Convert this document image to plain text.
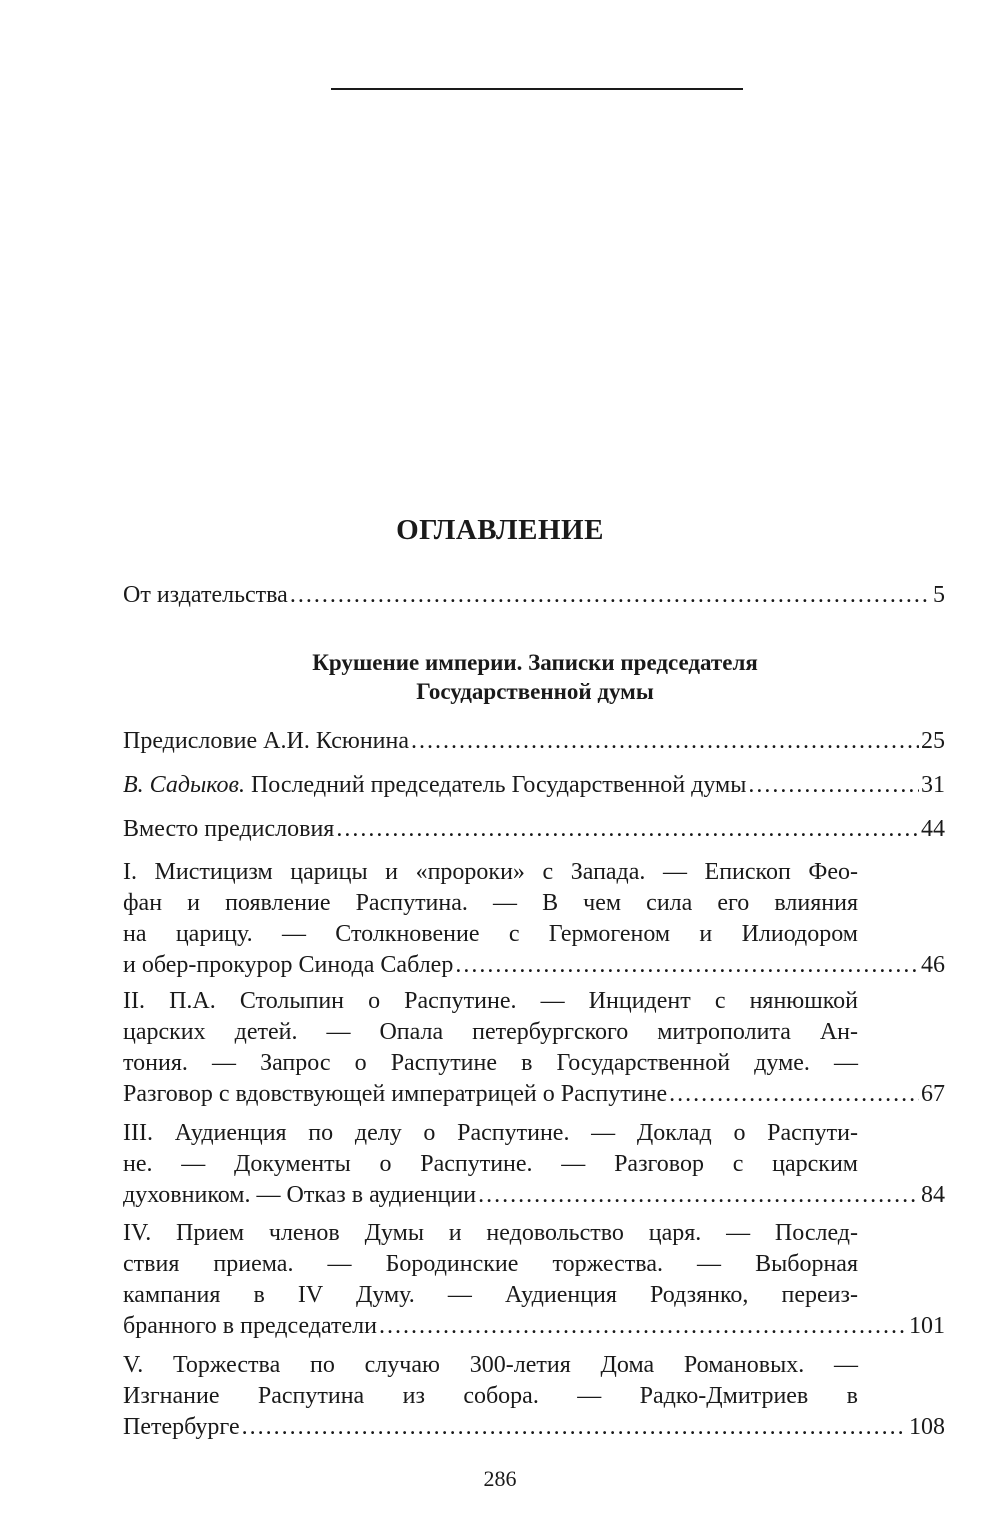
ОГЛАВЛЕНИЕ
От издательства . . .	5
Крушение империи. Записки председателя
Государственной думы
Предисловие А.И. Ксюнина . . .	25
В. Садыков. Последний председатель Государственной думы . . .	31
Вместо предисловия . . .	44
I. Мистицизм царицы и «пророки» с Запада. — Епископ Фео-
фан и появление Распутина. — В чем сила его влияния
на царицу. — Столкновение с Гермогеном и Илиодором
и обер-прокурор Синода Саблер . . .	46
II. П.А. Столыпин о Распутине. — Инцидент с нянюшкой
царских детей. — Опала петербургского митрополита Ан-
тония. — Запрос о Распутине в Государственной думе. —
Разговор с вдовствующей императрицей о Распутине . . .	67
III. Аудиенция по делу о Распутине. — Доклад о Распути-
не. — Документы о Распутине. — Разговор с царским
духовником. — Отказ в аудиенции . . .	84
IV. Прием членов Думы и недовольство царя. — Послед-
ствия приема. — Бородинские торжества. — Выборная
кампания в IV Думу. — Аудиенция Родзянко, переиз-
бранного в председатели . . .	101
V. Торжества по случаю 300-летия Дома Романовых. —
Изгнание Распутина из собора. — Радко-Дмитриев в
Петербурге . . .	108
286
